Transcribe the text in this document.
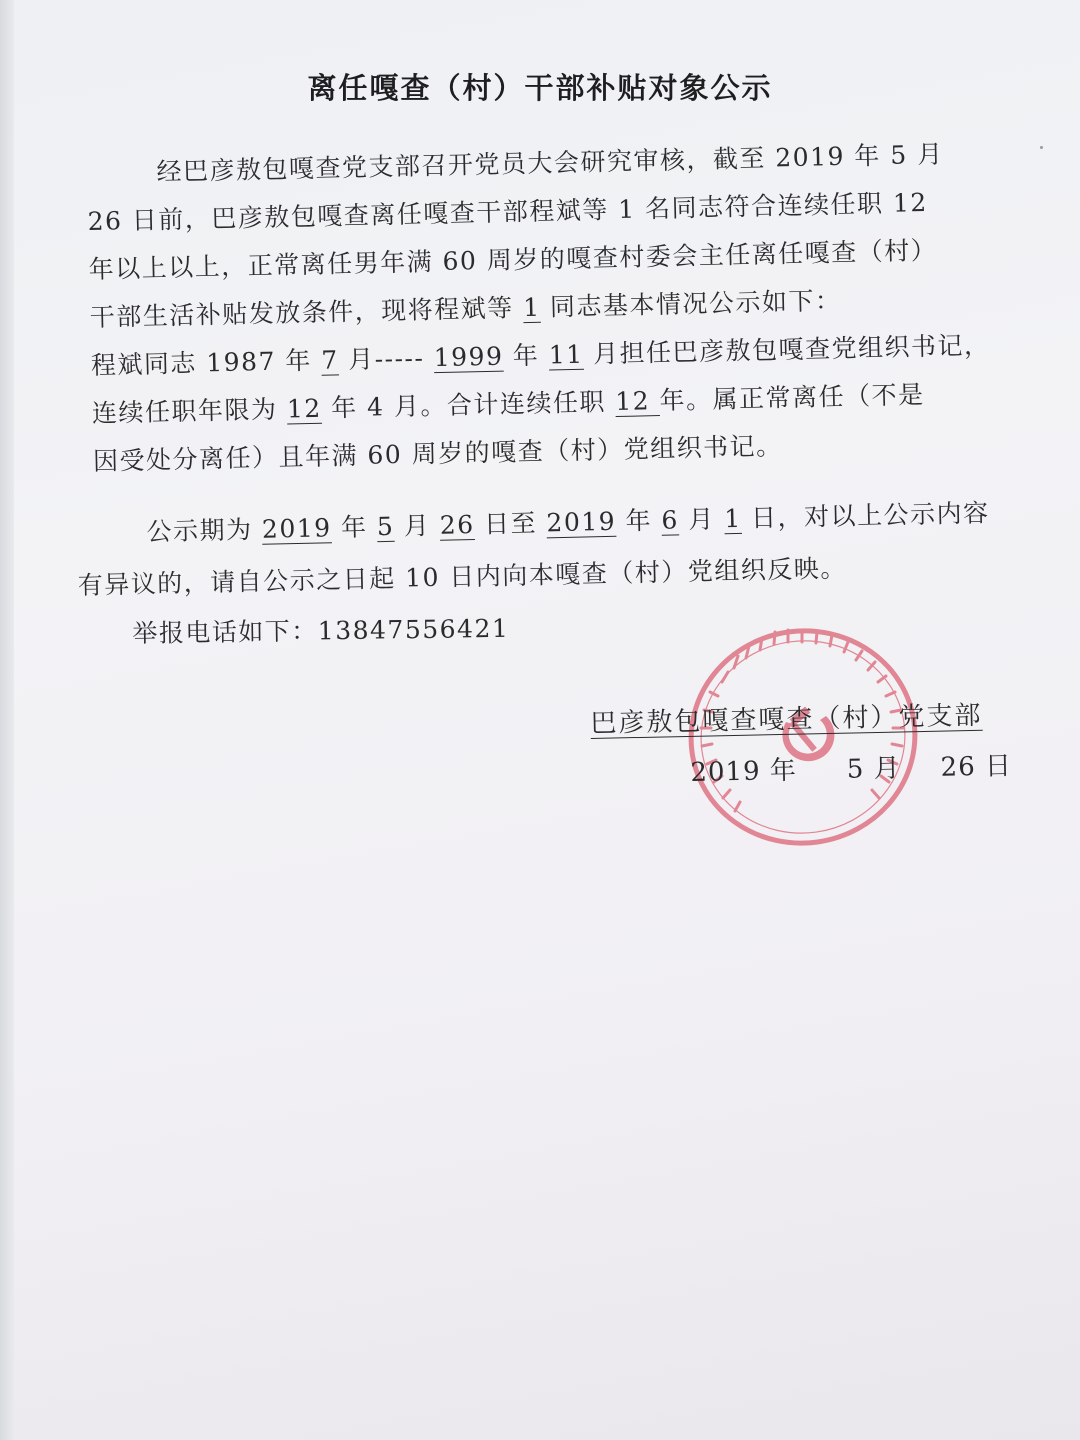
离任嘎查（村）干部补贴对象公示
经巴彦敖包嘎查党支部召开党员大会研究审核，截至 2019 年 5 月
26 日前，巴彦敖包嘎查离任嘎查干部程斌等 1 名同志符合连续任职 12
年以上以上，正常离任男年满 60 周岁的嘎查村委会主任离任嘎查（村）
干部生活补贴发放条件，现将程斌等 1 同志基本情况公示如下：
程斌同志 1987 年 7 月----- 1999 年 11 月担任巴彦敖包嘎查党组织书记，
连续任职年限为 12 年 4 月。合计连续任职 12 年。属正常离任（不是
因受处分离任）且年满 60 周岁的嘎查（村）党组织书记。
公示期为 2019 年 5 月 26 日至 2019 年 6 月 1 日，对以上公示内容
有异议的，请自公示之日起 10 日内向本嘎查（村）党组织反映。
举报电话如下：13847556421
巴彦敖包嘎查嘎查（村）党支部
2019 年 5 月 26 日
